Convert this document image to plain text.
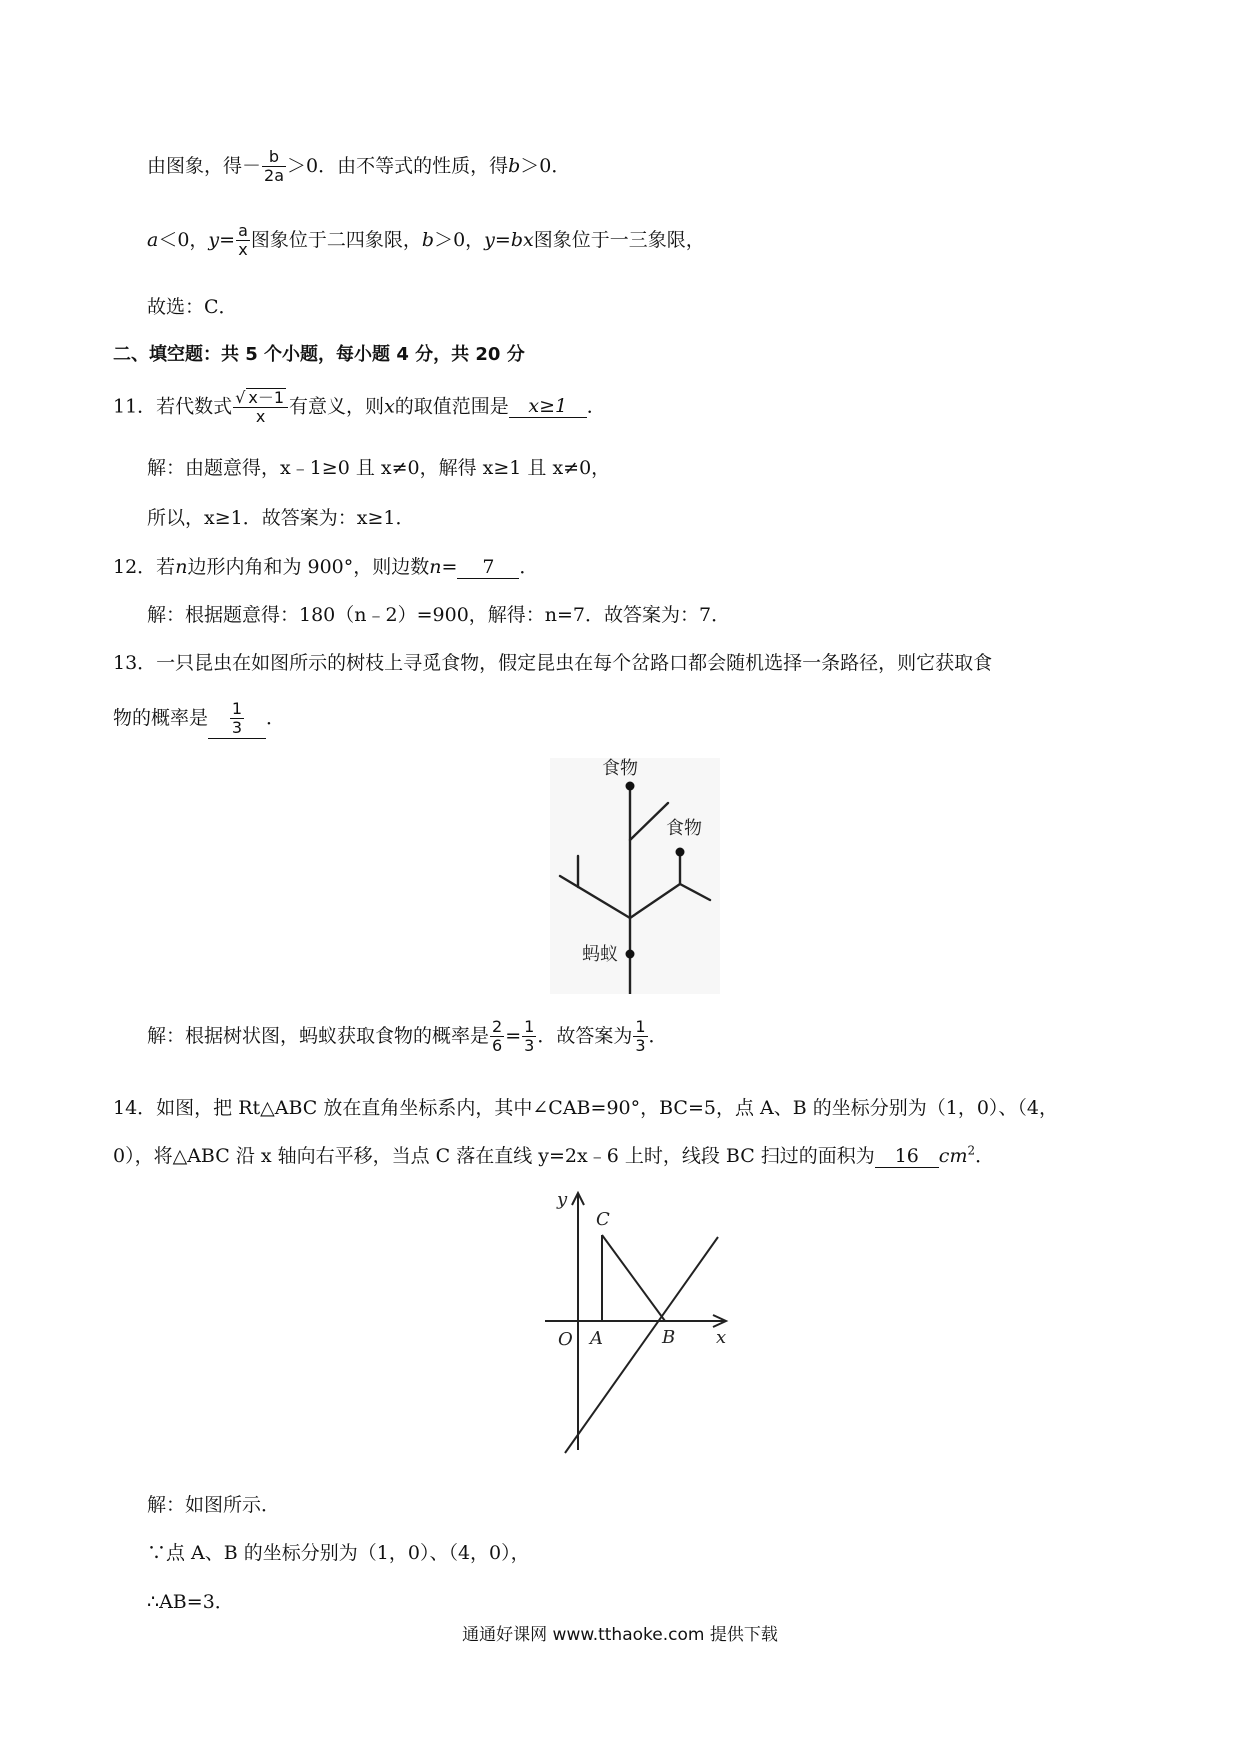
由图象，得－ $\frac{b}{2a} >0$．由不等式的性质，得b＞0．
a＜0，$y= \frac{a}{x}$ 图象位于二四象限，b＞0，y=bx图象位于一三象限，
故选：C．
二、填空题：共 5 个小题，每小题 4 分，共 20 分
11．若代数式 $\frac{√ x-1}{x}$ 有意义，则x的取值范围是 x≥1 ．
解：由题意得，x﹣1≥0 且 x≠0，解得 x≥1 且 x≠0，
所以，x≥1．故答案为：x≥1．
12．若n边形内角和为 900°，则边数n= 7 ．
解：根据题意得：180（n﹣2）=900，解得：n=7．故答案为：7．
13．一只昆虫在如图所示的树枝上寻觅食物，假定昆虫在每个岔路口都会随机选择一条路径，则它获取食
物的概率是 $\frac{1}{3}$ ．
食物
食物
蚂蚁
解：根据树状图，蚂蚁获取食物的概率是 $\frac{2}{6} = \frac{1}{3}$ ．故答案为 $\frac{1}{3}$ ．
14．如图，把 Rt△ABC 放在直角坐标系内，其中∠CAB=90°，BC=5，点 A、B 的坐标分别为（1，0）、（4，
0），将△ABC 沿 x 轴向右平移，当点 C 落在直线 y=2x﹣6 上时，线段 BC 扫过的面积为 16 $cm^2$．
y
x
O A	B
C
解：如图所示．
∵点 A、B 的坐标分别为（1，0）、（4，0），
∴AB=3．
通通好课网 www.tthaoke.com 提供下载
